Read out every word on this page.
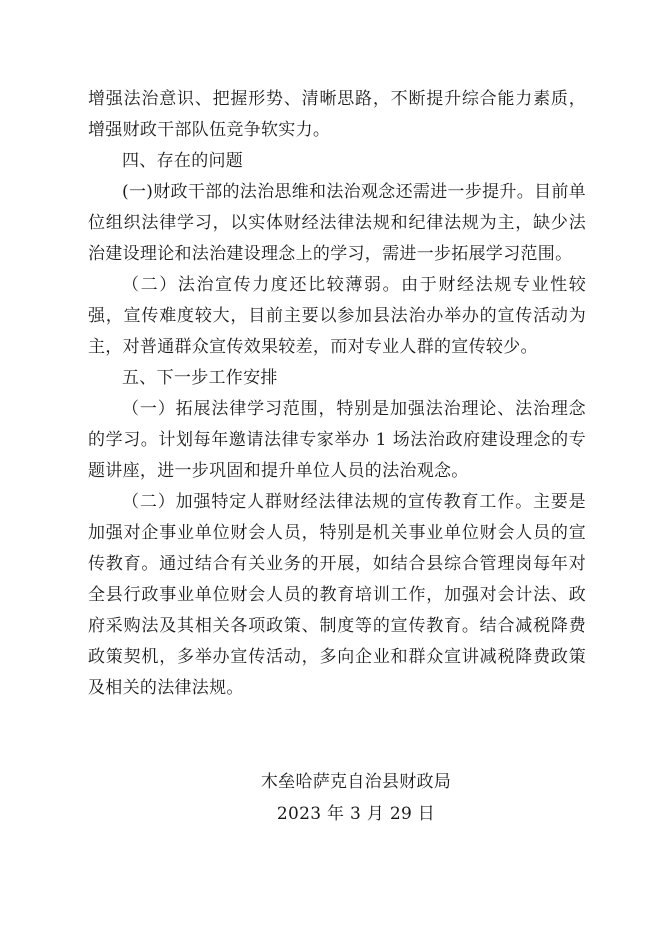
增强法治意识、把握形势、清晰思路，不断提升综合能力素质，增强财政干部队伍竞争软实力。

四、存在的问题

(一)财政干部的法治思维和法治观念还需进一步提升。目前单位组织法律学习，以实体财经法律法规和纪律法规为主，缺少法治建设理论和法治建设理念上的学习，需进一步拓展学习范围。

（二）法治宣传力度还比较薄弱。由于财经法规专业性较强，宣传难度较大，目前主要以参加县法治办举办的宣传活动为主，对普通群众宣传效果较差，而对专业人群的宣传较少。

五、下一步工作安排

（一）拓展法律学习范围，特别是加强法治理论、法治理念的学习。计划每年邀请法律专家举办 1 场法治政府建设理念的专题讲座，进一步巩固和提升单位人员的法治观念。

（二）加强特定人群财经法律法规的宣传教育工作。主要是加强对企事业单位财会人员，特别是机关事业单位财会人员的宣传教育。通过结合有关业务的开展，如结合县综合管理岗每年对全县行政事业单位财会人员的教育培训工作，加强对会计法、政府采购法及其相关各项政策、制度等的宣传教育。结合减税降费政策契机，多举办宣传活动，多向企业和群众宣讲减税降费政策及相关的法律法规。

木垒哈萨克自治县财政局
2023 年 3 月 29 日
